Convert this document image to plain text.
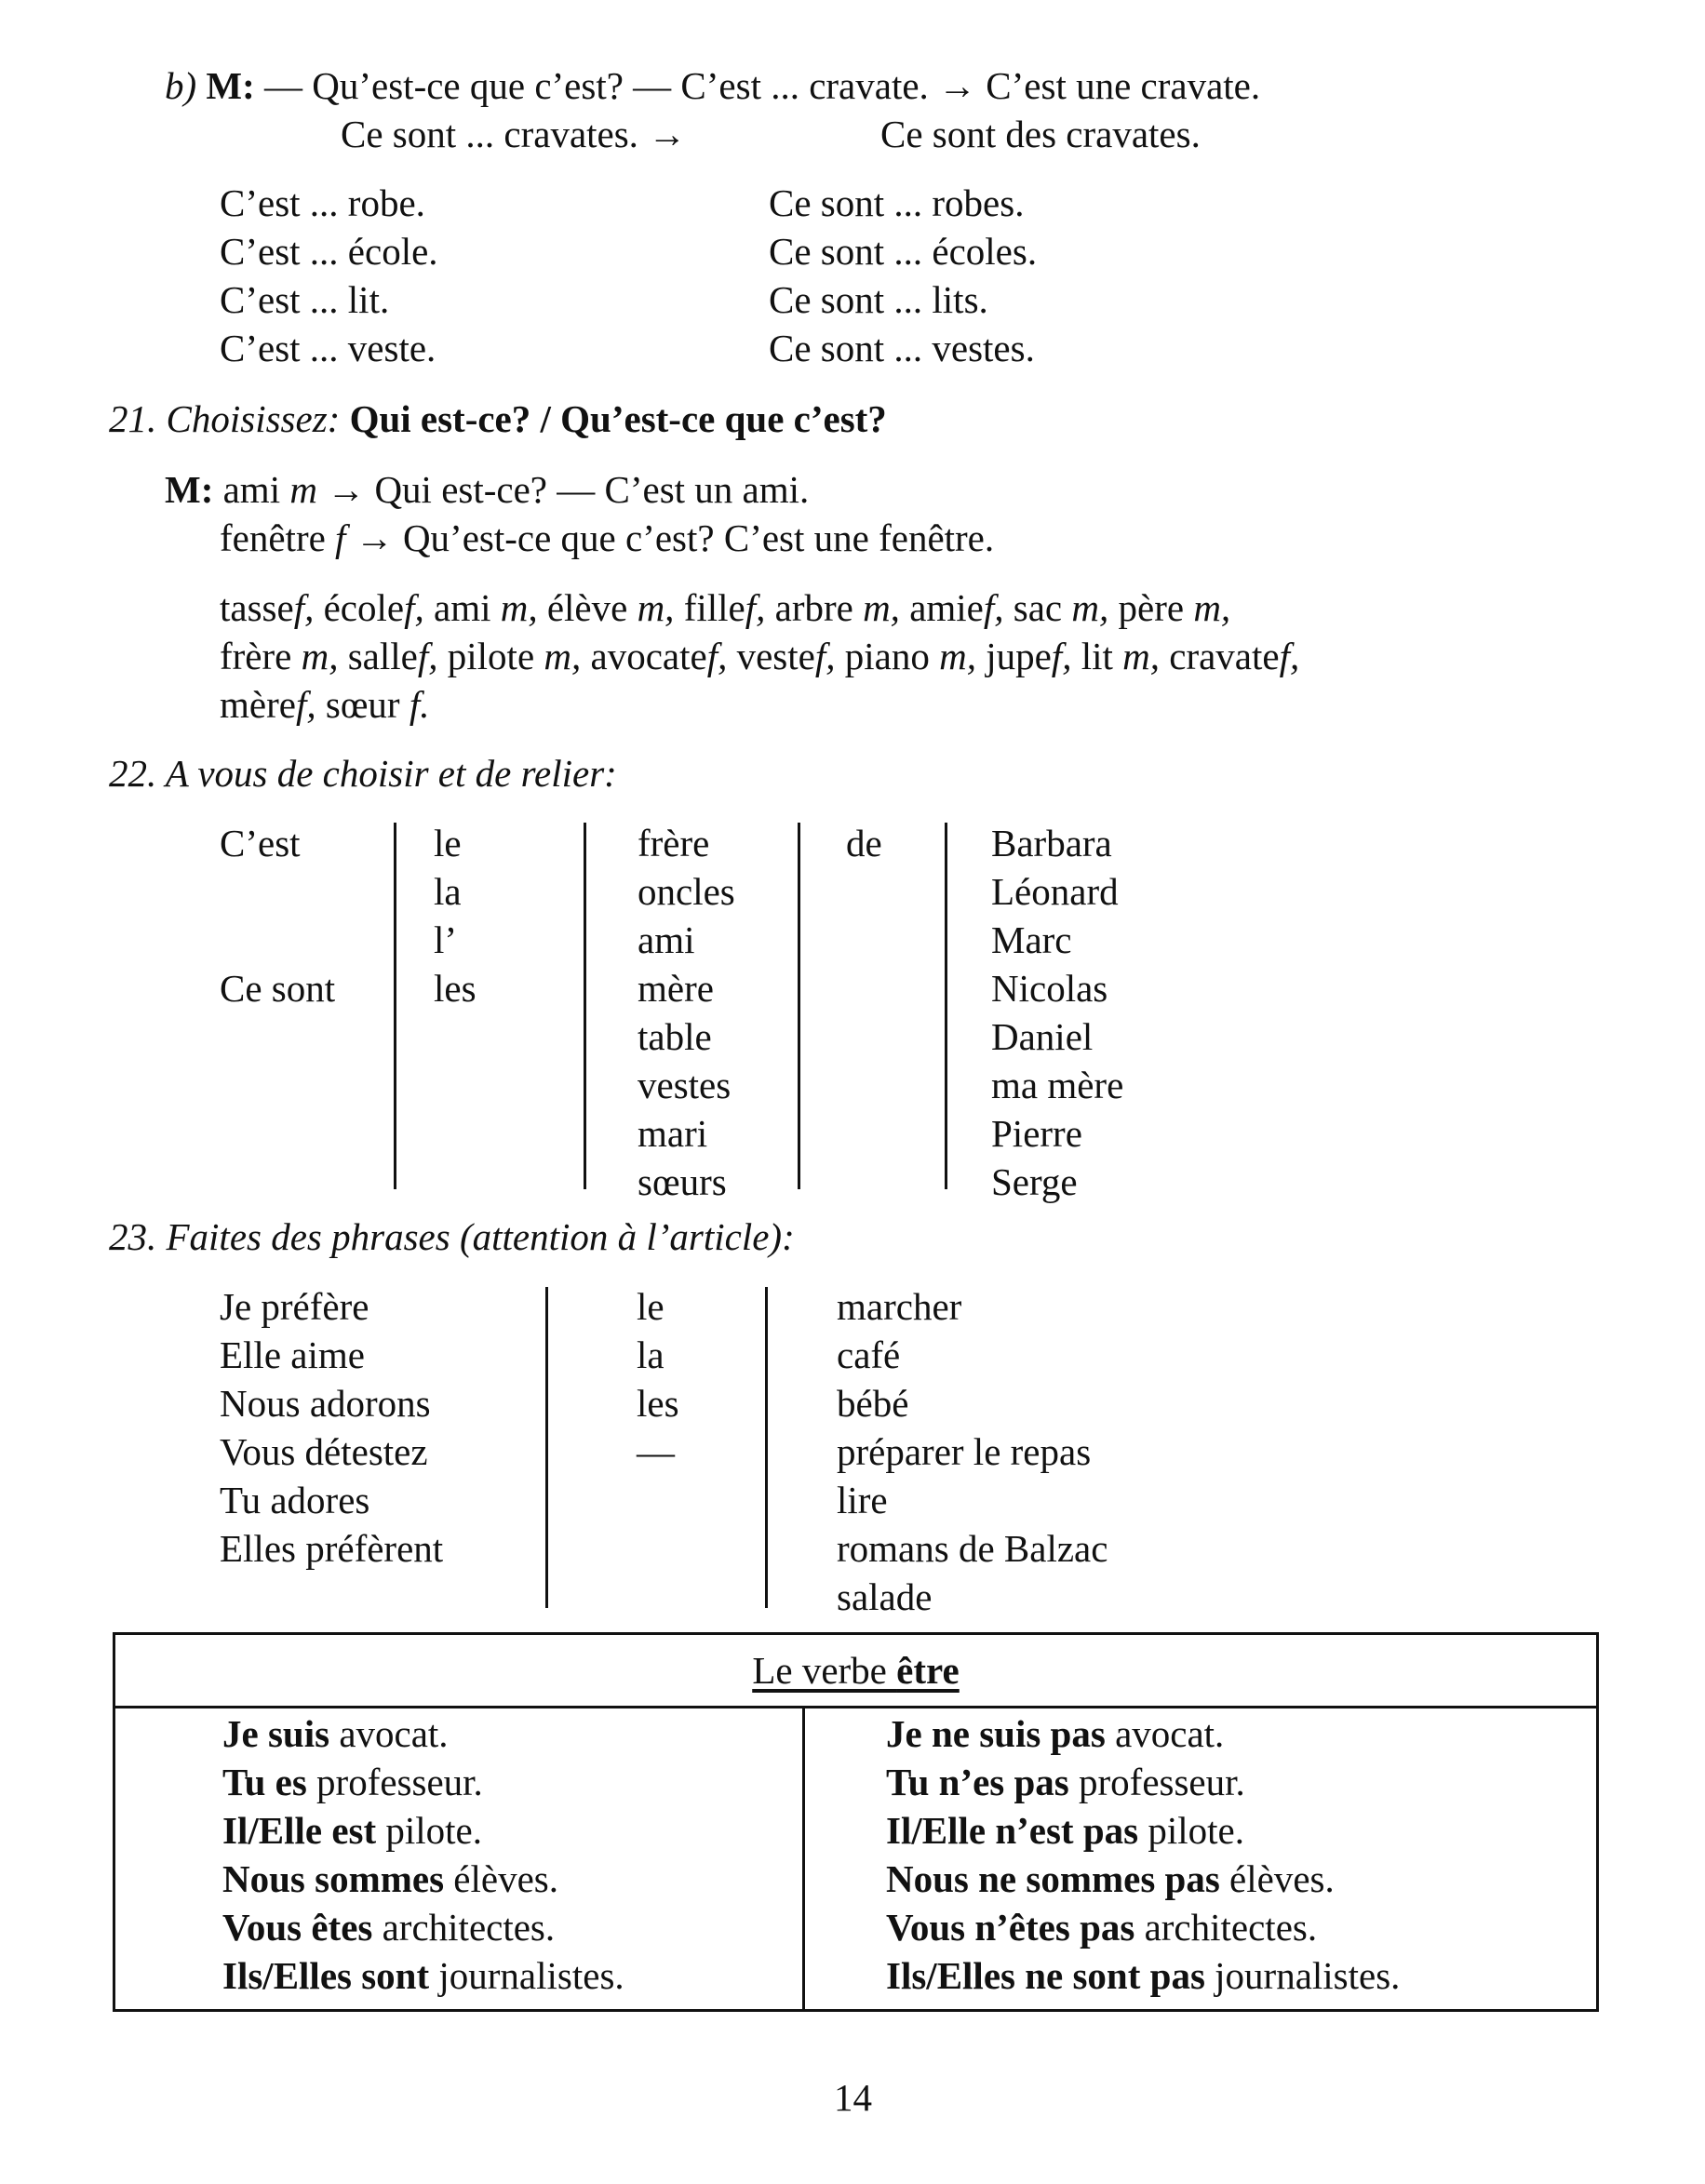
b) M: — Qu’est-ce que c’est? — C’est ... cravate. → C’est une cravate.
Ce sont ... cravates. →	Ce sont des cravates.
C’est ... robe.
C’est ... école.
C’est ... lit.
C’est ... veste.
Ce sont ... robes.
Ce sont ... écoles.
Ce sont ... lits.
Ce sont ... vestes.
21. Choisissez: Qui est-ce? / Qu’est-ce que c’est?
M: ami m → Qui est-ce? — C’est un ami.
fenêtre f → Qu’est-ce que c’est? C’est une fenêtre.
tassef, écolef, ami m, élève m, fillef, arbre m, amief, sac m, père m,
frère m, sallef, pilote m, avocatef, vestef, piano m, jupef, lit m, cravatef,
mèref, sœur f.
22. A vous de choisir et de relier:
C’est
Ce sont
le
la
l’
les
frère
oncles
ami
mère
table
vestes
mari
sœurs
de	Barbara
Léonard
Marc
Nicolas
Daniel
ma mère
Pierre
Serge
23. Faites des phrases (attention à l’article):
Je préfère
Elle aime
Nous adorons
Vous détestez
Tu adores
Elles préfèrent
le
la
les
—
marcher
café
bébé
préparer le repas
lire
romans de Balzac
salade
Le verbe être
Je suis avocat.
Tu es professeur.
Il/Elle est pilote.
Nous sommes élèves.
Vous êtes architectes.
Ils/Elles sont journalistes.
Je ne suis pas avocat.
Tu n’es pas professeur.
Il/Elle n’est pas pilote.
Nous ne sommes pas élèves.
Vous n’êtes pas architectes.
Ils/Elles ne sont pas journalistes.
14
